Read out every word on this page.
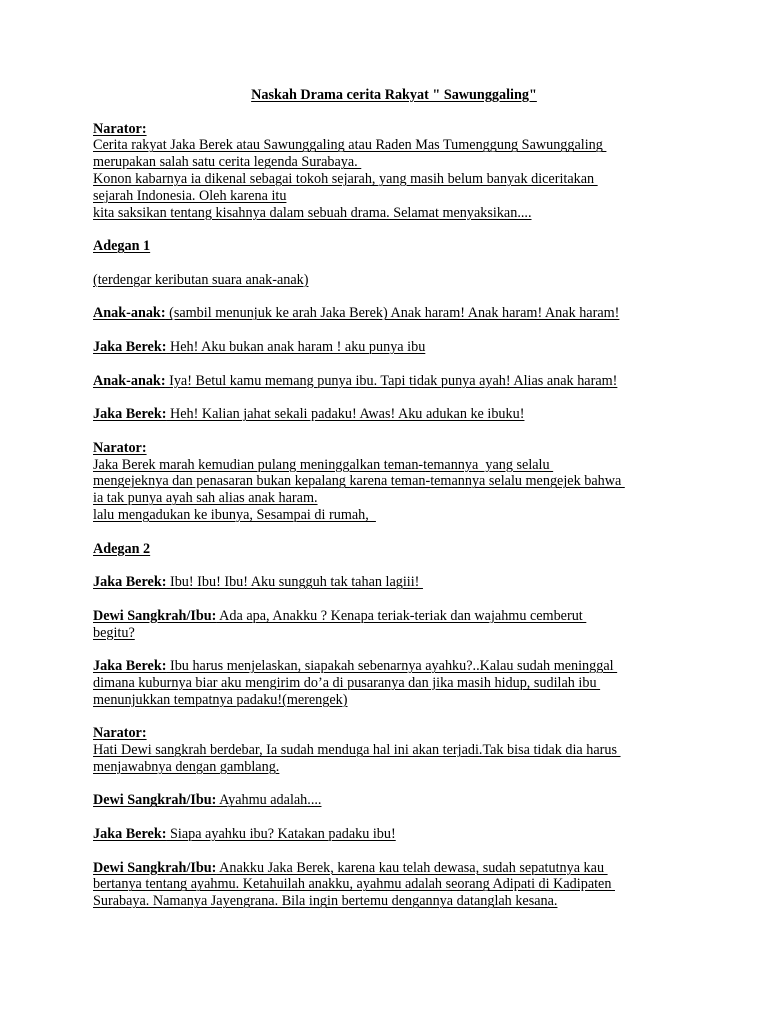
Naskah Drama cerita Rakyat " Sawunggaling"
Narator:
Cerita rakyat Jaka Berek atau Sawunggaling atau Raden Mas Tumenggung Sawunggaling
merupakan salah satu cerita legenda Surabaya.
Konon kabarnya ia dikenal sebagai tokoh sejarah, yang masih belum banyak diceritakan
sejarah Indonesia. Oleh karena itu
kita saksikan tentang kisahnya dalam sebuah drama. Selamat menyaksikan....
Adegan 1
(terdengar keributan suara anak-anak)
Anak-anak: (sambil menunjuk ke arah Jaka Berek) Anak haram! Anak haram! Anak haram!
Jaka Berek: Heh! Aku bukan anak haram ! aku punya ibu
Anak-anak: Iya! Betul kamu memang punya ibu. Tapi tidak punya ayah! Alias anak haram!
Jaka Berek: Heh! Kalian jahat sekali padaku! Awas! Aku adukan ke ibuku!
Narator:
Jaka Berek marah kemudian pulang meninggalkan teman-temannya  yang selalu
mengejeknya dan penasaran bukan kepalang karena teman-temannya selalu mengejek bahwa
ia tak punya ayah sah alias anak haram.
lalu mengadukan ke ibunya, Sesampai di rumah,
Adegan 2
Jaka Berek: Ibu! Ibu! Ibu! Aku sungguh tak tahan lagiii!
Dewi Sangkrah/Ibu: Ada apa, Anakku ? Kenapa teriak-teriak dan wajahmu cemberut
begitu?
Jaka Berek: Ibu harus menjelaskan, siapakah sebenarnya ayahku?..Kalau sudah meninggal
dimana kuburnya biar aku mengirim do’a di pusaranya dan jika masih hidup, sudilah ibu
menunjukkan tempatnya padaku!(merengek)
Narator:
Hati Dewi sangkrah berdebar, Ia sudah menduga hal ini akan terjadi.Tak bisa tidak dia harus
menjawabnya dengan gamblang.
Dewi Sangkrah/Ibu: Ayahmu adalah....
Jaka Berek: Siapa ayahku ibu? Katakan padaku ibu!
Dewi Sangkrah/Ibu: Anakku Jaka Berek, karena kau telah dewasa, sudah sepatutnya kau
bertanya tentang ayahmu. Ketahuilah anakku, ayahmu adalah seorang Adipati di Kadipaten
Surabaya. Namanya Jayengrana. Bila ingin bertemu dengannya datanglah kesana.
